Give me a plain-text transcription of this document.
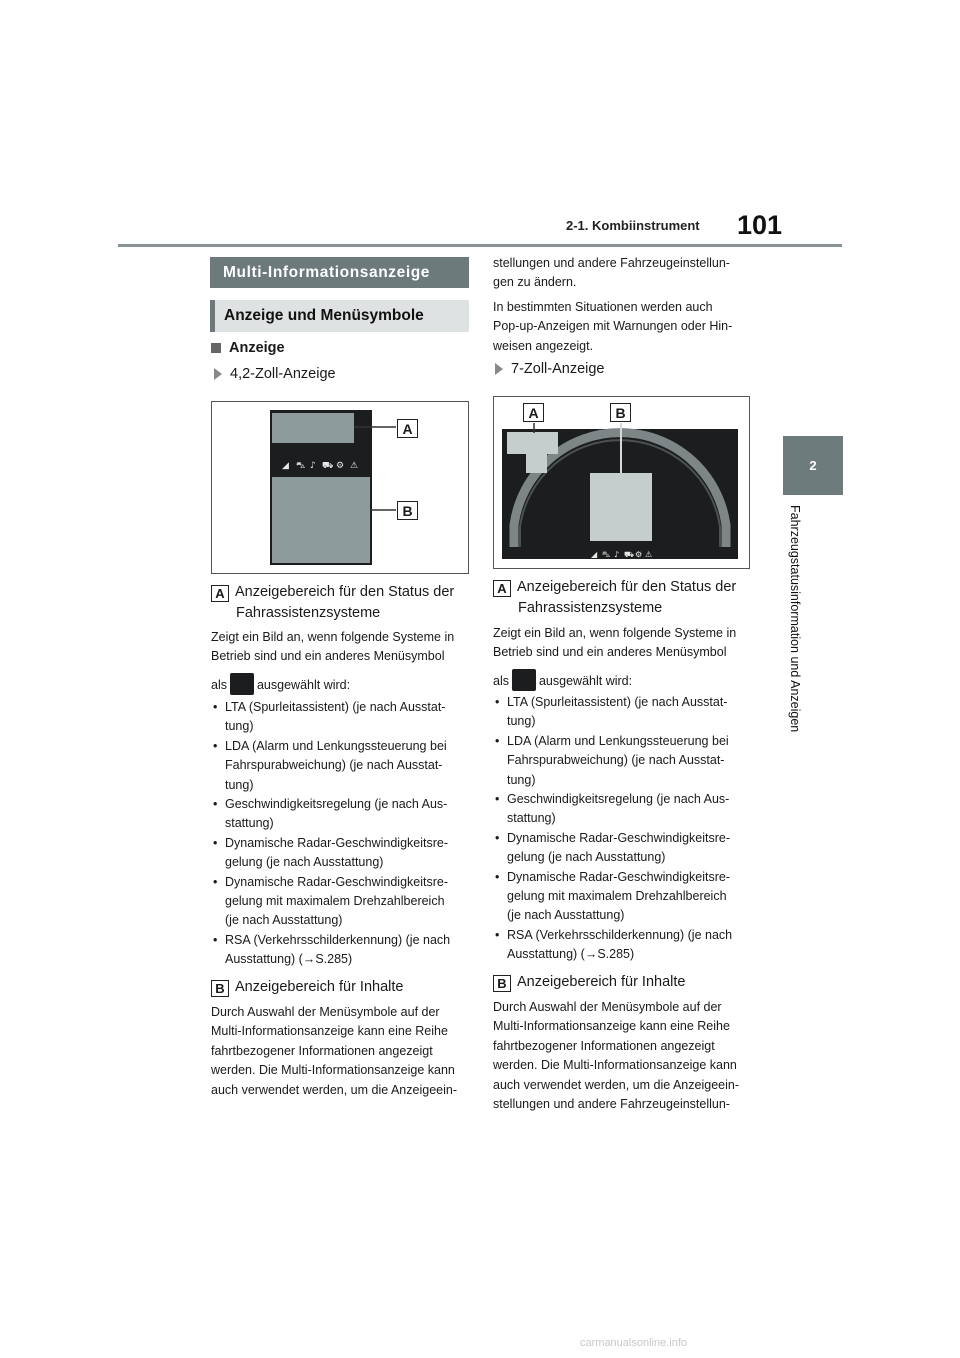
2-1. Kombiinstrument 101
2
Fahrzeugstatusinformation und Anzeigen
Multi-Informationsanzeige
Anzeige und Menüsymbole
Anzeige
4,2-Zoll-Anzeige
◢ ⛍ ♪ ⛟ ⚙ ⚠
A
B
A Anzeigebereich für den Status der
Fahrassistenzsysteme

Zeigt ein Bild an, wenn folgende Systeme in

Betrieb sind und ein anderes Menüsymbol

als ausgewählt wird:

• LTA (Spurleitassistent) (je nach Ausstat-
tung)
• LDA (Alarm und Lenkungssteuerung bei
Fahrspurabweichung) (je nach Ausstat-
tung)
• Geschwindigkeitsregelung (je nach Aus-
stattung)
• Dynamische Radar-Geschwindigkeitsre-
gelung (je nach Ausstattung)
• Dynamische Radar-Geschwindigkeitsre-
gelung mit maximalem Drehzahlbereich
(je nach Ausstattung)
• RSA (Verkehrsschilderkennung) (je nach
Ausstattung) (→S.285)
B Anzeigebereich für Inhalte

Durch Auswahl der Menüsymbole auf der

Multi-Informationsanzeige kann eine Reihe

fahrtbezogener Informationen angezeigt

werden. Die Multi-Informationsanzeige kann

auch verwendet werden, um die Anzeigeein-

stellungen und andere Fahrzeugeinstellun-

gen zu ändern.

In bestimmten Situationen werden auch

Pop-up-Anzeigen mit Warnungen oder Hin-

weisen angezeigt.

7-Zoll-Anzeige
◢ ⛍ ♪ ⛟ ⚙ ⚠
A	B
A Anzeigebereich für den Status der
Fahrassistenzsysteme

Zeigt ein Bild an, wenn folgende Systeme in

Betrieb sind und ein anderes Menüsymbol

als ausgewählt wird:

• LTA (Spurleitassistent) (je nach Ausstat-
tung)
• LDA (Alarm und Lenkungssteuerung bei
Fahrspurabweichung) (je nach Ausstat-
tung)
• Geschwindigkeitsregelung (je nach Aus-
stattung)
• Dynamische Radar-Geschwindigkeitsre-
gelung (je nach Ausstattung)
• Dynamische Radar-Geschwindigkeitsre-
gelung mit maximalem Drehzahlbereich
(je nach Ausstattung)
• RSA (Verkehrsschilderkennung) (je nach
Ausstattung) (→S.285)
B Anzeigebereich für Inhalte

Durch Auswahl der Menüsymbole auf der

Multi-Informationsanzeige kann eine Reihe

fahrtbezogener Informationen angezeigt

werden. Die Multi-Informationsanzeige kann

auch verwendet werden, um die Anzeigeein-

stellungen und andere Fahrzeugeinstellun-

carmanualsonline.info
